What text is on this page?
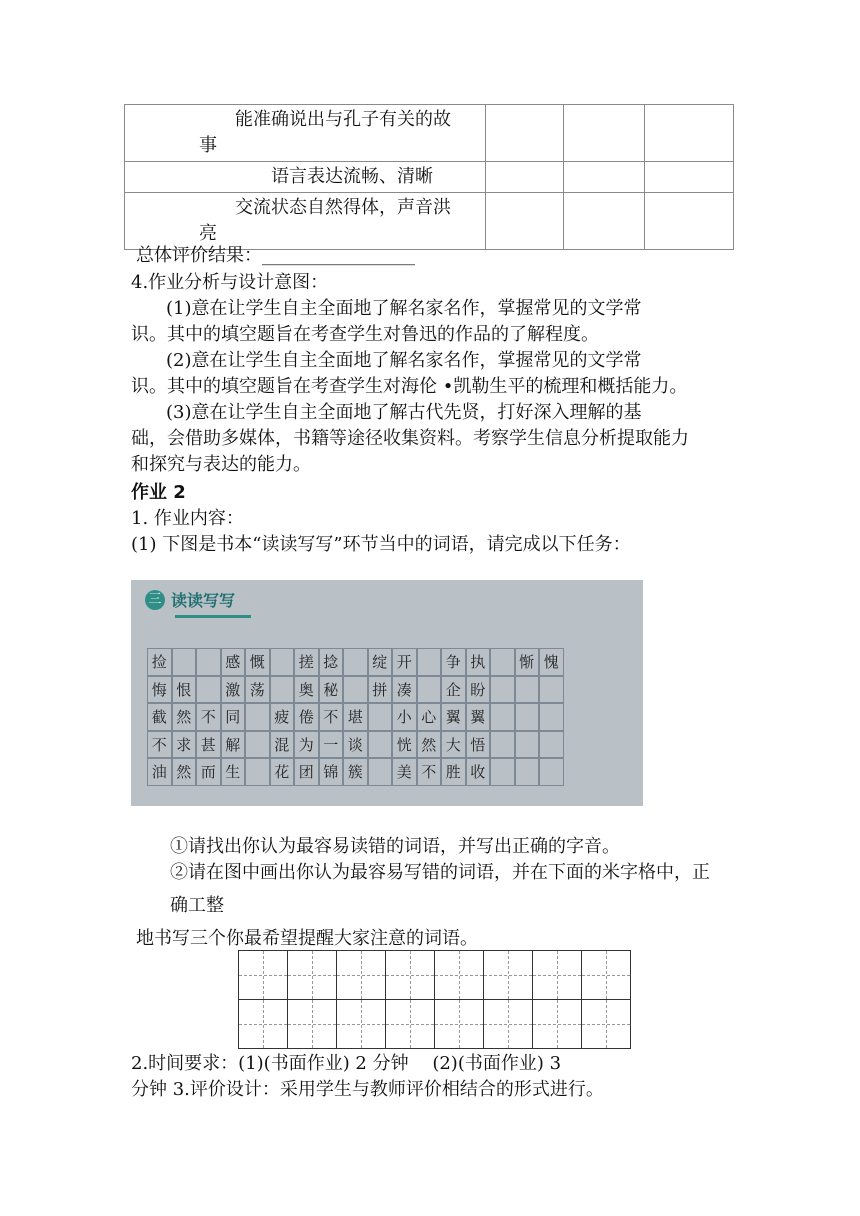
能准确说出与孔子有关的故
事			

语言表达流畅、清晰			

交流状态自然得体，声音洪
亮			

总体评价结果：_________________
4.作业分析与设计意图：
(1)意在让学生自主全面地了解名家名作，掌握常见的文学常
识。其中的填空题旨在考查学生对鲁迅的作品的了解程度。
(2)意在让学生自主全面地了解名家名作，掌握常见的文学常
识。其中的填空题旨在考查学生对海伦 •凯勒生平的梳理和概括能力。
(3)意在让学生自主全面地了解古代先贤，打好深入理解的基
础，会借助多媒体，书籍等途径收集资料。考察学生信息分析提取能力
和探究与表达的能力。
作业 2
1. 作业内容：
(1) 下图是书本“读读写写”环节当中的词语，请完成以下任务：
三 读读写写
捡	感 慨	搓 捻	绽 开	争 执	惭 愧
悔 恨	激 荡	奥 秘	拼 凑	企 盼
截 然 不 同	疲 倦 不 堪	小 心 翼 翼
不 求 甚 解	混 为 一 谈	恍 然 大 悟
油 然 而 生	花 团 锦 簇	美 不 胜 收
①请找出你认为最容易读错的词语，并写出正确的字音。
②请在图中画出你认为最容易写错的词语，并在下面的米字格中，正
确工整
地书写三个你最希望提醒大家注意的词语。
2.时间要求：(1)(书面作业) 2 分钟　 (2)(书面作业) 3
分钟 3.评价设计：采用学生与教师评价相结合的形式进行。
